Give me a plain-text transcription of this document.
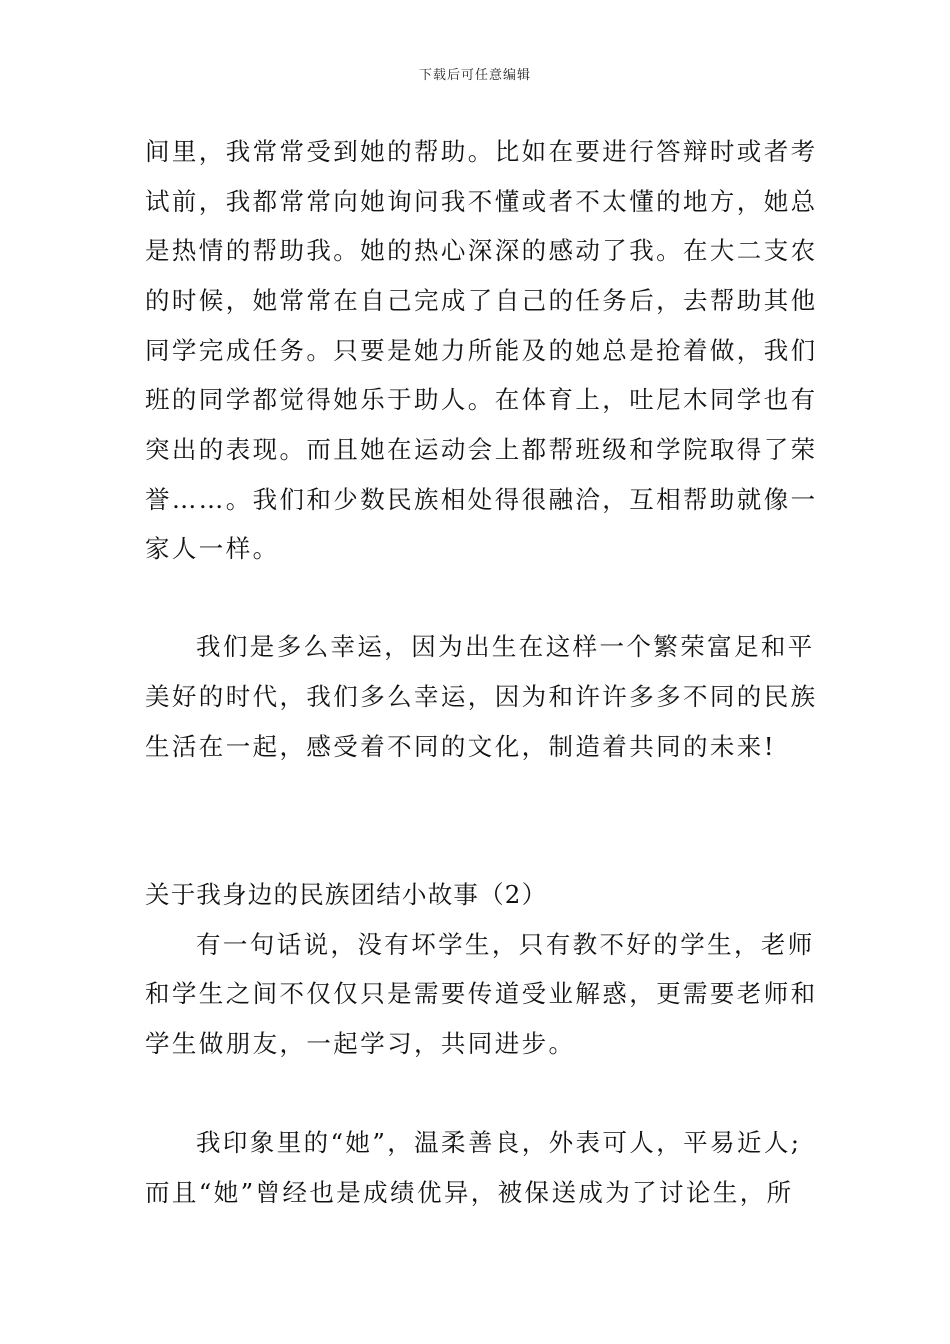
下载后可任意编辑
间里，我常常受到她的帮助。比如在要进行答辩时或者考
试前，我都常常向她询问我不懂或者不太懂的地方，她总
是热情的帮助我。她的热心深深的感动了我。在大二支农
的时候，她常常在自己完成了自己的任务后，去帮助其他
同学完成任务。只要是她力所能及的她总是抢着做，我们
班的同学都觉得她乐于助人。在体育上，吐尼木同学也有
突出的表现。而且她在运动会上都帮班级和学院取得了荣
誉……。我们和少数民族相处得很融洽，互相帮助就像一
家人一样。
我们是多么幸运，因为出生在这样一个繁荣富足和平
美好的时代，我们多么幸运，因为和许许多多不同的民族
生活在一起，感受着不同的文化，制造着共同的未来!
关于我身边的民族团结小故事（2）
有一句话说，没有坏学生，只有教不好的学生，老师
和学生之间不仅仅只是需要传道受业解惑，更需要老师和
学生做朋友，一起学习，共同进步。
我印象里的“她”，温柔善良，外表可人，平易近人;
而且“她”曾经也是成绩优异，被保送成为了讨论生，所
